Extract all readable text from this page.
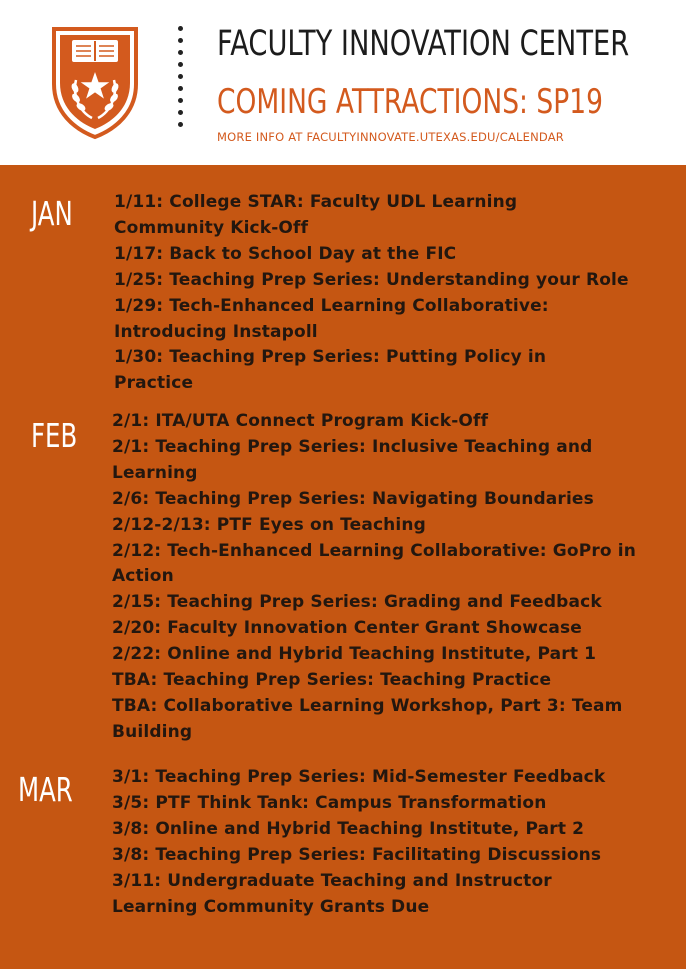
FACULTY INNOVATION CENTER
COMING ATTRACTIONS: SP19
MORE INFO AT FACULTYINNOVATE.UTEXAS.EDU/CALENDAR
JAN 1/11: College STAR: Faculty UDL Learning Community Kick-Off
1/17: Back to School Day at the FIC
1/25: Teaching Prep Series: Understanding your Role
1/29: Tech-Enhanced Learning Collaborative: Introducing Instapoll
1/30: Teaching Prep Series: Putting Policy in Practice
FEB 2/1: ITA/UTA Connect Program Kick-Off
2/1: Teaching Prep Series: Inclusive Teaching and Learning
2/6: Teaching Prep Series: Navigating Boundaries
2/12-2/13: PTF Eyes on Teaching
2/12: Tech-Enhanced Learning Collaborative: GoPro in Action
2/15: Teaching Prep Series: Grading and Feedback
2/20: Faculty Innovation Center Grant Showcase
2/22: Online and Hybrid Teaching Institute, Part 1
TBA: Teaching Prep Series: Teaching Practice
TBA: Collaborative Learning Workshop, Part 3: Team Building
MAR 3/1: Teaching Prep Series: Mid-Semester Feedback
3/5: PTF Think Tank: Campus Transformation
3/8: Online and Hybrid Teaching Institute, Part 2
3/8: Teaching Prep Series: Facilitating Discussions
3/11: Undergraduate Teaching and Instructor Learning Community Grants Due
